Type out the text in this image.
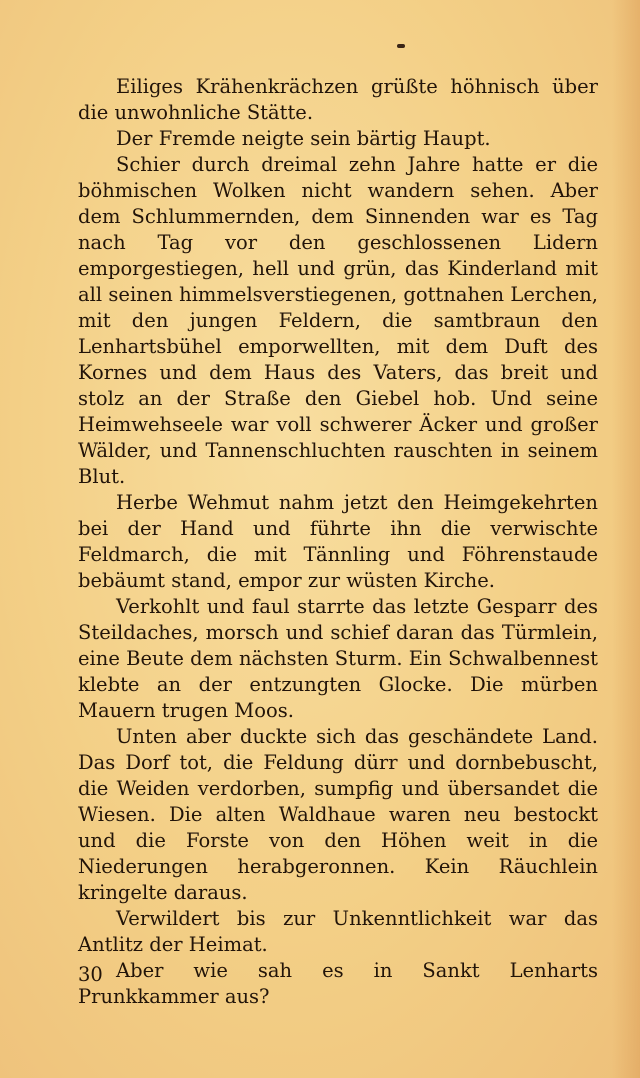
Eiliges Krähenkrächzen grüßte höhnisch über die unwohnliche Stätte.

Der Fremde neigte sein bärtig Haupt.

Schier durch dreimal zehn Jahre hatte er die böhmischen Wolken nicht wandern sehen. Aber dem Schlummernden, dem Sinnenden war es Tag nach Tag vor den geschlossenen Lidern emporgestiegen, hell und grün, das Kinderland mit all seinen himmelsverstiegenen, gottnahen Lerchen, mit den jungen Feldern, die samtbraun den Lenhartsbühel emporwellten, mit dem Duft des Kornes und dem Haus des Vaters, das breit und stolz an der Straße den Giebel hob. Und seine Heimwehseele war voll schwerer Äcker und großer Wälder, und Tannenschluchten rauschten in seinem Blut.

Herbe Wehmut nahm jetzt den Heimgekehrten bei der Hand und führte ihn die verwischte Feldmarch, die mit Tännling und Föhrenstaude bebäumt stand, empor zur wüsten Kirche.

Verkohlt und faul starrte das letzte Gesparr des Steildaches, morsch und schief daran das Türmlein, eine Beute dem nächsten Sturm. Ein Schwalbennest klebte an der entzungten Glocke. Die mürben Mauern trugen Moos.

Unten aber duckte sich das geschändete Land. Das Dorf tot, die Feldung dürr und dornbebuscht, die Weiden verdorben, sumpfig und übersandet die Wiesen. Die alten Waldhaue waren neu bestockt und die Forste von den Höhen weit in die Niederungen herabgeronnen. Kein Räuchlein kringelte daraus.

Verwildert bis zur Unkenntlichkeit war das Antlitz der Heimat.

Aber wie sah es in Sankt Lenharts Prunkkammer aus?

30
